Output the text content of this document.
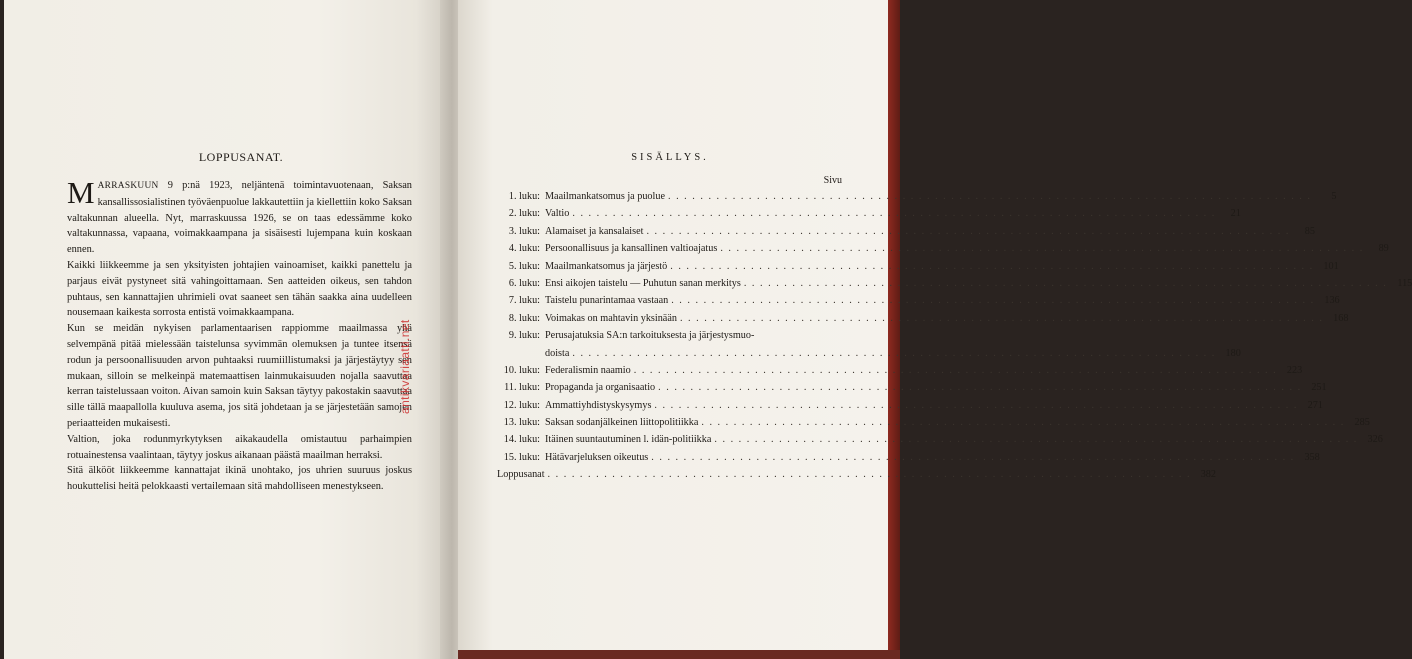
LOPPUSANAT.

MARRASKUUN 9 p:nä 1923, neljäntenä toimintavuotenaan, Saksan kansallissosialistinen työväenpuolue lakkautettiin ja kiellettiin koko Saksan valtakunnan alueella. Nyt, marraskuussa 1926, se on taas edessämme koko valtakunnassa, vapaana, voimakkaampana ja sisäisesti lujempana kuin koskaan ennen.

Kaikki liikkeemme ja sen yksityisten johtajien vainoamiset, kaikki panettelu ja parjaus eivät pystyneet sitä vahingoittamaan. Sen aatteiden oikeus, sen tahdon puhtaus, sen kannattajien uhrimieli ovat saaneet sen tähän saakka aina uudelleen nousemaan kaikesta sorrosta entistä voimakkaampana.

Kun se meidän nykyisen parlamentaarisen rappiomme maailmassa yhä selvempänä pitää mielessään taistelunsa syvimmän olemuksen ja tuntee itsensä rodun ja persoonallisuuden arvon puhtaaksi ruumiillistumaksi ja järjestäytyy sen mukaan, silloin se melkeinpä matemaattisen lainmukaisuuden nojalla saavuttaa kerran taistelussaan voiton. Aivan samoin kuin Saksan täytyy pakostakin saavuttaa sille tällä maapallolla kuuluva asema, jos sitä johdetaan ja se järjestetään samojen periaatteiden mukaisesti.

Valtion, joka rodunmyrkytyksen aikakaudella omistautuu parhaimpien rotuainestensa vaalintaan, täytyy joskus aikanaan päästä maailman herraksi.

Sitä älkööt liikkeemme kannattajat ikinä unohtako, jos uhrien suuruus joskus houkuttelisi heitä pelokkaasti vertailemaan sitä mahdolliseen menestykseen.

antikvariaatti.net
SISÄLLYS.
Sivu
1. luku: Maailmankatsomus ja puolue . . . . . . . . . . . . . . . . . . . . . . . . . . . . . . . . . . . . . . . . . . . . . . . . . . . . . . . . . . . . . . . . . . . . . . . . . . . . . . . .	5
2. luku: Valtio . . . . . . . . . . . . . . . . . . . . . . . . . . . . . . . . . . . . . . . . . . . . . . . . . . . . . . . . . . . . . . . . . . . . . . . . . . . . . . . .	21
3. luku: Alamaiset ja kansalaiset . . . . . . . . . . . . . . . . . . . . . . . . . . . . . . . . . . . . . . . . . . . . . . . . . . . . . . . . . . . . . . . . . . . . . . . . . . . . . . . .	85
4. luku: Persoonallisuus ja kansallinen valtioajatus . . . . . . . . . . . . . . . . . . . . . . . . . . . . . . . . . . . . . . . . . . . . . . . . . . . . . . . . . . . . . . . . . . . . . . . . . . . . . . . .	89
5. luku: Maailmankatsomus ja järjestö . . . . . . . . . . . . . . . . . . . . . . . . . . . . . . . . . . . . . . . . . . . . . . . . . . . . . . . . . . . . . . . . . . . . . . . . . . . . . . . . 101
6. luku: Ensi aikojen taistelu — Puhutun sanan merkitys . . . . . . . . . . . . . . . . . . . . . . . . . . . . . . . . . . . . . . . . . . . . . . . . . . . . . . . . . . . . . . . . . . . . . . . . . . . . . . . . 115
7. luku: Taistelu punarintamaa vastaan . . . . . . . . . . . . . . . . . . . . . . . . . . . . . . . . . . . . . . . . . . . . . . . . . . . . . . . . . . . . . . . . . . . . . . . . . . . . . . . . 136
8. luku: Voimakas on mahtavin yksinään . . . . . . . . . . . . . . . . . . . . . . . . . . . . . . . . . . . . . . . . . . . . . . . . . . . . . . . . . . . . . . . . . . . . . . . . . . . . . . . . 168
9. luku: Perusajatuksia SA:n tarkoituksesta ja järjestysmuo-
doista . . . . . . . . . . . . . . . . . . . . . . . . . . . . . . . . . . . . . . . . . . . . . . . . . . . . . . . . . . . . . . . . . . . . . . . . . . . . . . . . 180
10. luku: Federalismin naamio . . . . . . . . . . . . . . . . . . . . . . . . . . . . . . . . . . . . . . . . . . . . . . . . . . . . . . . . . . . . . . . . . . . . . . . . . . . . . . . . 223
11. luku: Propaganda ja organisaatio . . . . . . . . . . . . . . . . . . . . . . . . . . . . . . . . . . . . . . . . . . . . . . . . . . . . . . . . . . . . . . . . . . . . . . . . . . . . . . . . 251
12. luku: Ammattiyhdistyskysymys . . . . . . . . . . . . . . . . . . . . . . . . . . . . . . . . . . . . . . . . . . . . . . . . . . . . . . . . . . . . . . . . . . . . . . . . . . . . . . . . 271
13. luku: Saksan sodanjälkeinen liittopolitiikka . . . . . . . . . . . . . . . . . . . . . . . . . . . . . . . . . . . . . . . . . . . . . . . . . . . . . . . . . . . . . . . . . . . . . . . . . . . . . . . . 285
14. luku: Itäinen suuntautuminen l. idän-politiikka . . . . . . . . . . . . . . . . . . . . . . . . . . . . . . . . . . . . . . . . . . . . . . . . . . . . . . . . . . . . . . . . . . . . . . . . . . . . . . . . 326
15. luku: Hätävarjeluksen oikeutus . . . . . . . . . . . . . . . . . . . . . . . . . . . . . . . . . . . . . . . . . . . . . . . . . . . . . . . . . . . . . . . . . . . . . . . . . . . . . . . . 358
Loppusanat . . . . . . . . . . . . . . . . . . . . . . . . . . . . . . . . . . . . . . . . . . . . . . . . . . . . . . . . . . . . . . . . . . . . . . . . . . . . . . . . 382
